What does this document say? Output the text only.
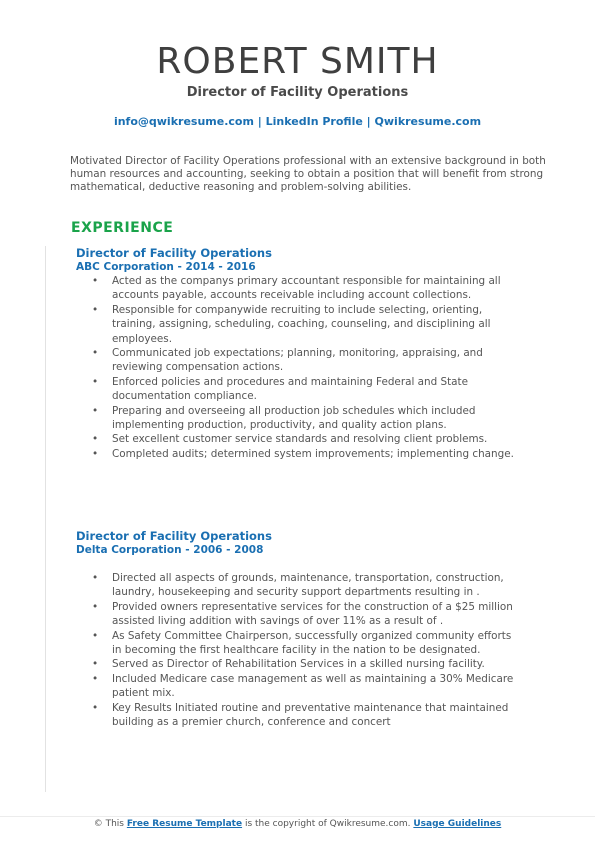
ROBERT SMITH
Director of Facility Operations
info@qwikresume.com | LinkedIn Profile | Qwikresume.com
Motivated Director of Facility Operations professional with an extensive background in both human resources and accounting, seeking to obtain a position that will benefit from strong mathematical, deductive reasoning and problem-solving abilities.
EXPERIENCE
Director of Facility Operations
ABC Corporation - 2014 - 2016
• Acted as the companys primary accountant responsible for maintaining all accounts payable, accounts receivable including account collections.
• Responsible for companywide recruiting to include selecting, orienting, training, assigning, scheduling, coaching, counseling, and disciplining all employees.
• Communicated job expectations; planning, monitoring, appraising, and reviewing compensation actions.
• Enforced policies and procedures and maintaining Federal and State documentation compliance.
• Preparing and overseeing all production job schedules which included implementing production, productivity, and quality action plans.
• Set excellent customer service standards and resolving client problems.
• Completed audits; determined system improvements; implementing change.
Director of Facility Operations
Delta Corporation - 2006 - 2008
• Directed all aspects of grounds, maintenance, transportation, construction, laundry, housekeeping and security support departments resulting in .
• Provided owners representative services for the construction of a $25 million assisted living addition with savings of over 11% as a result of .
• As Safety Committee Chairperson, successfully organized community efforts in becoming the first healthcare facility in the nation to be designated.
• Served as Director of Rehabilitation Services in a skilled nursing facility.
• Included Medicare case management as well as maintaining a 30% Medicare patient mix.
• Key Results Initiated routine and preventative maintenance that maintained building as a premier church, conference and concert
© This Free Resume Template is the copyright of Qwikresume.com. Usage Guidelines
